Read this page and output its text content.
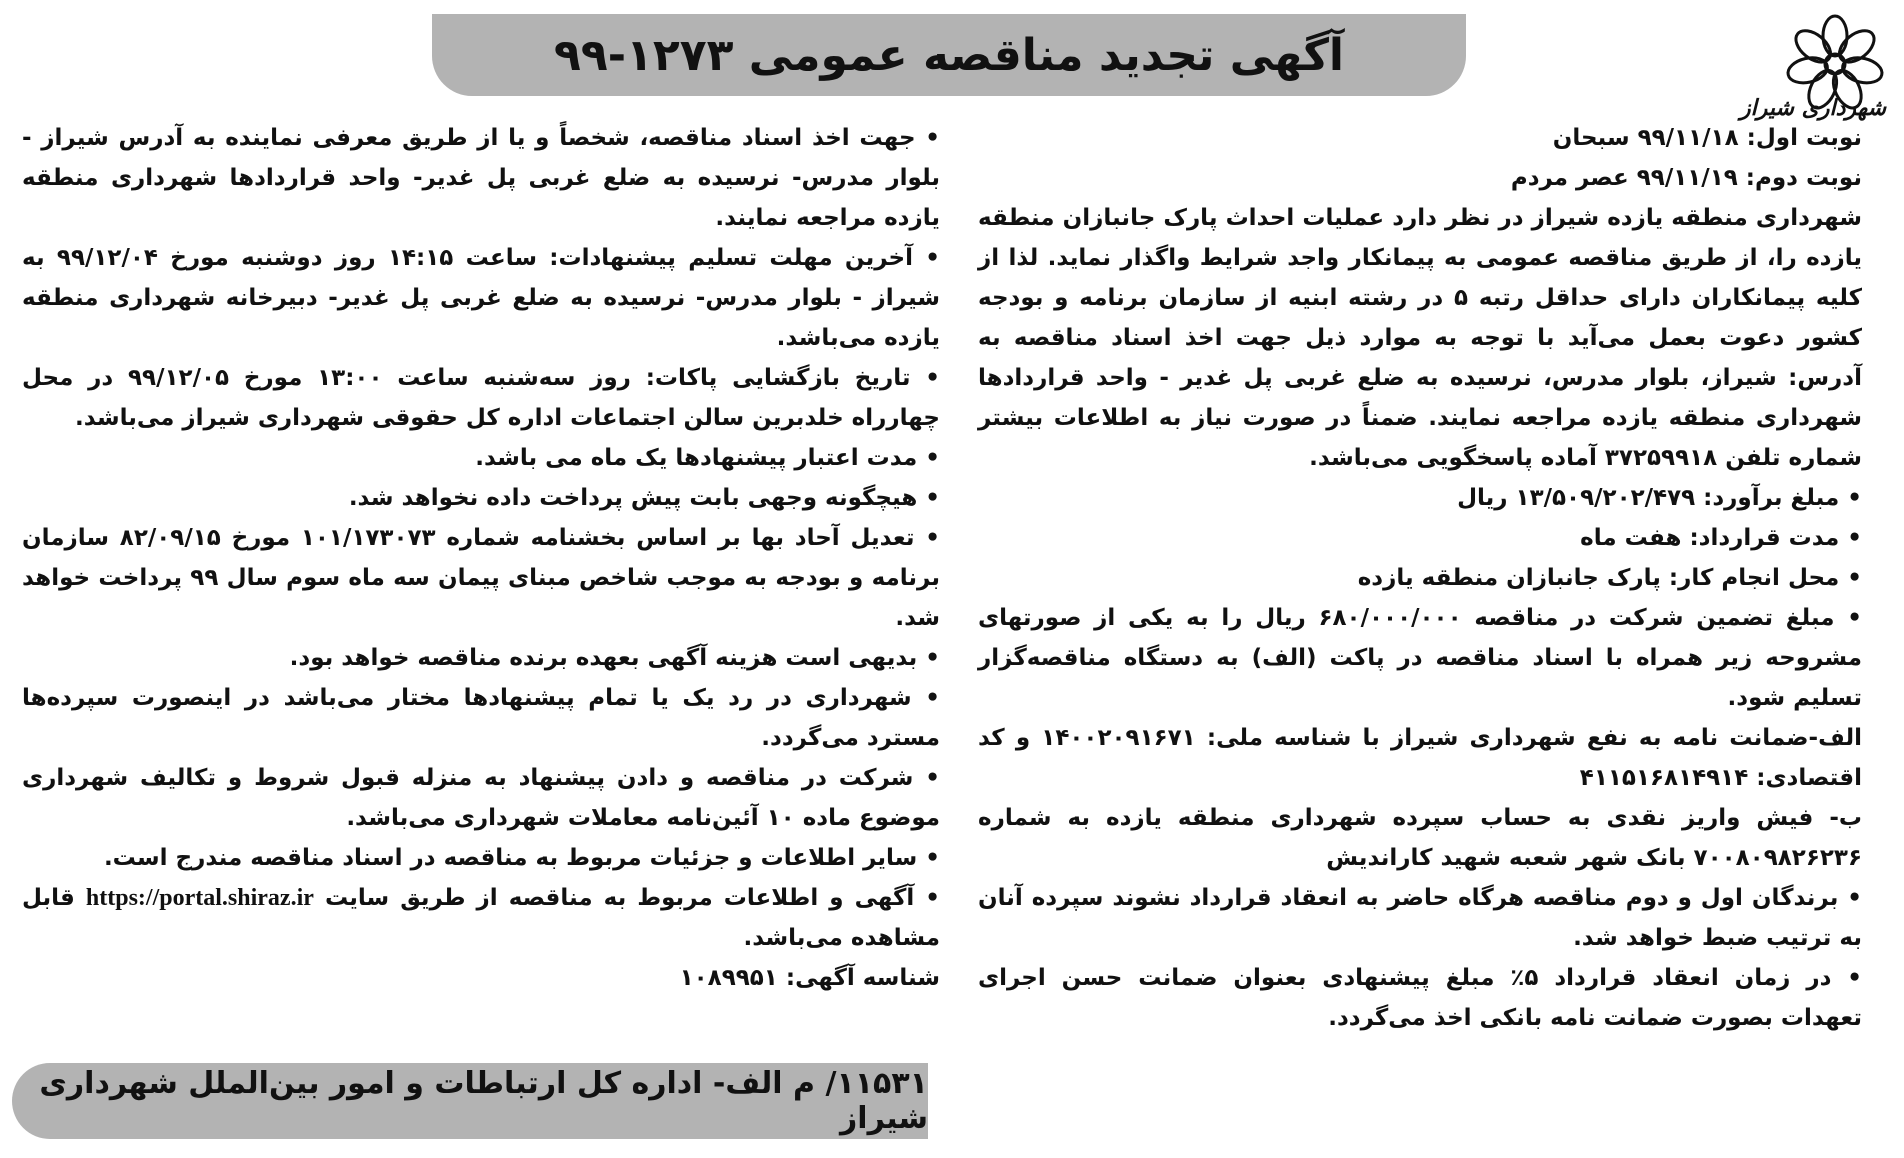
آگهی تجدید مناقصه عمومی ۱۲۷۳-۹۹
شهرداری شیراز

نوبت اول: ۹۹/۱۱/۱۸ سبحان

نوبت دوم: ۹۹/۱۱/۱۹ عصر مردم

شهرداری منطقه یازده شیراز در نظر دارد عملیات احداث پارک جانبازان منطقه یازده را، از طریق مناقصه عمومی به پیمانکار واجد شرایط واگذار نماید. لذا از کلیه پیمانکاران دارای حداقل رتبه ۵ در رشته ابنیه از سازمان برنامه و بودجه کشور دعوت بعمل می‌آید با توجه به موارد ذیل جهت اخذ اسناد مناقصه به آدرس: شیراز، بلوار مدرس، نرسیده به ضلع غربی پل غدیر - واحد قراردادها شهرداری منطقه یازده مراجعه نمایند. ضمناً در صورت نیاز به اطلاعات بیشتر شماره تلفن ۳۷۲۵۹۹۱۸ آماده پاسخگویی می‌باشد.

• مبلغ برآورد: ۱۳/۵۰۹/۲۰۲/۴۷۹ ریال

• مدت قرارداد: هفت ماه

• محل انجام کار: پارک جانبازان منطقه یازده

• مبلغ تضمین شرکت در مناقصه ۶۸۰/۰۰۰/۰۰۰ ریال را به یکی از صورتهای مشروحه زیر همراه با اسناد مناقصه در پاکت (الف) به دستگاه مناقصه‌گزار تسلیم شود.

الف-ضمانت نامه به نفع شهرداری شیراز با شناسه ملی: ۱۴۰۰۲۰۹۱۶۷۱ و کد اقتصادی: ۴۱۱۵۱۶۸۱۴۹۱۴

ب- فیش واریز نقدی به حساب سپرده شهرداری منطقه یازده به شماره ۷۰۰۸۰۹۸۲۶۲۳۶ بانک شهر شعبه شهید کاراندیش

• برندگان اول و دوم مناقصه هرگاه حاضر به انعقاد قرارداد نشوند سپرده آنان به ترتیب ضبط خواهد شد.

• در زمان انعقاد قرارداد ۵٪ مبلغ پیشنهادی بعنوان ضمانت حسن اجرای تعهدات بصورت ضمانت نامه بانکی اخذ می‌گردد.

• جهت اخذ اسناد مناقصه، شخصاً و یا از طریق معرفی نماینده به آدرس شیراز - بلوار مدرس- نرسیده به ضلع غربی پل غدیر- واحد قراردادها شهرداری منطقه یازده مراجعه نمایند.

• آخرین مهلت تسلیم پیشنهادات: ساعت ۱۴:۱۵ روز دوشنبه مورخ ۹۹/۱۲/۰۴ به شیراز - بلوار مدرس- نرسیده به ضلع غربی پل غدیر- دبیرخانه شهرداری منطقه یازده می‌باشد.

• تاریخ بازگشایی پاکات: روز سه‌شنبه ساعت ۱۳:۰۰ مورخ ۹۹/۱۲/۰۵ در محل چهارراه خلدبرین سالن اجتماعات اداره کل حقوقی شهرداری شیراز می‌باشد.

• مدت اعتبار پیشنهادها یک ماه می باشد.

• هیچگونه وجهی بابت پیش پرداخت داده نخواهد شد.

• تعدیل آحاد بها بر اساس بخشنامه شماره ۱۰۱/۱۷۳۰۷۳ مورخ ۸۲/۰۹/۱۵ سازمان برنامه و بودجه به موجب شاخص مبنای پیمان سه ماه سوم سال ۹۹ پرداخت خواهد شد.

• بدیهی است هزینه آگهی بعهده برنده مناقصه خواهد بود.

• شهرداری در رد یک یا تمام پیشنهادها مختار می‌باشد در اینصورت سپرده‌ها مسترد می‌گردد.

• شرکت در مناقصه و دادن پیشنهاد به منزله قبول شروط و تکالیف شهرداری موضوع ماده ۱۰ آئین‌نامه معاملات شهرداری می‌باشد.

• سایر اطلاعات و جزئیات مربوط به مناقصه در اسناد مناقصه مندرج است.

• آگهی و اطلاعات مربوط به مناقصه از طریق سایت https://portal.shiraz.ir قابل مشاهده می‌باشد.

شناسه آگهی: ۱۰۸۹۹۵۱

۱۱۵۳۱/ م الف- اداره کل ارتباطات و امور بین‌الملل شهرداری شیراز
